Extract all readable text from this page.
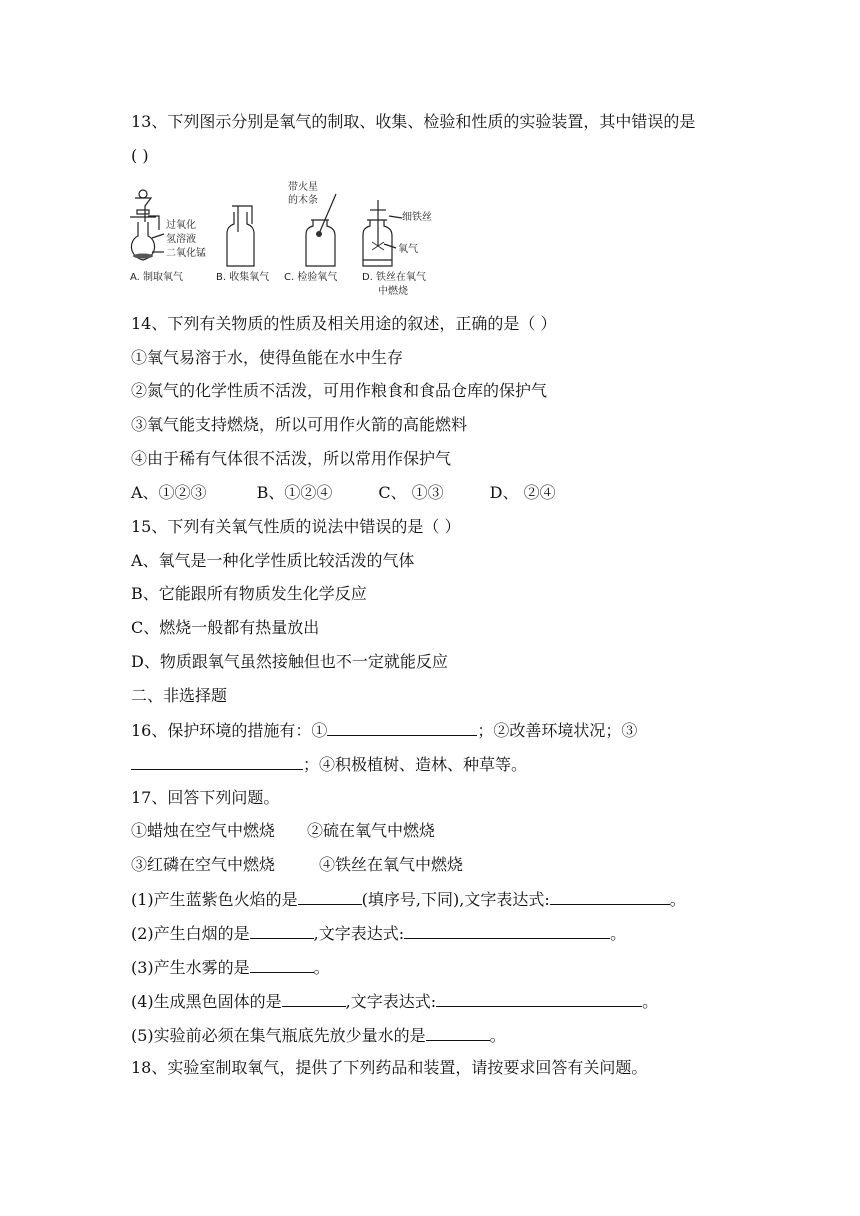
13、下列图示分别是氧气的制取、收集、检验和性质的实验装置，其中错误的是
( )
过氧化
氢溶液
二氧化锰
A. 制取氧气	B. 收集氧气
带火星
的木条
C. 检验氧气
细铁丝
氧气
D. 铁丝在氧气
中燃烧
14、下列有关物质的性质及相关用途的叙述，正确的是（ ）
①氧气易溶于水，使得鱼能在水中生存
②氮气的化学性质不活泼，可用作粮食和食品仓库的保护气
③氧气能支持燃烧，所以可用作火箭的高能燃料
④由于稀有气体很不活泼，所以常用作保护气
A、①②③	B、①②④	C、 ①③	D、 ②④
15、下列有关氧气性质的说法中错误的是（ ）
A、氧气是一种化学性质比较活泼的气体
B、它能跟所有物质发生化学反应
C、燃烧一般都有热量放出
D、物质跟氧气虽然接触但也不一定就能反应
二、非选择题
16、保护环境的措施有：①	；②改善环境状况；③
；④积极植树、造林、种草等。
17、回答下列问题。
①蜡烛在空气中燃烧 ②硫在氧气中燃烧
③红磷在空气中燃烧	④铁丝在氧气中燃烧
(1)产生蓝紫色火焰的是	(填序号,下同),文字表达式:	。
(2)产生白烟的是	,文字表达式:	。
(3)产生水雾的是	。
(4)生成黑色固体的是	,文字表达式:	。
(5)实验前必须在集气瓶底先放少量水的是	。
18、实验室制取氧气，提供了下列药品和装置，请按要求回答有关问题。
